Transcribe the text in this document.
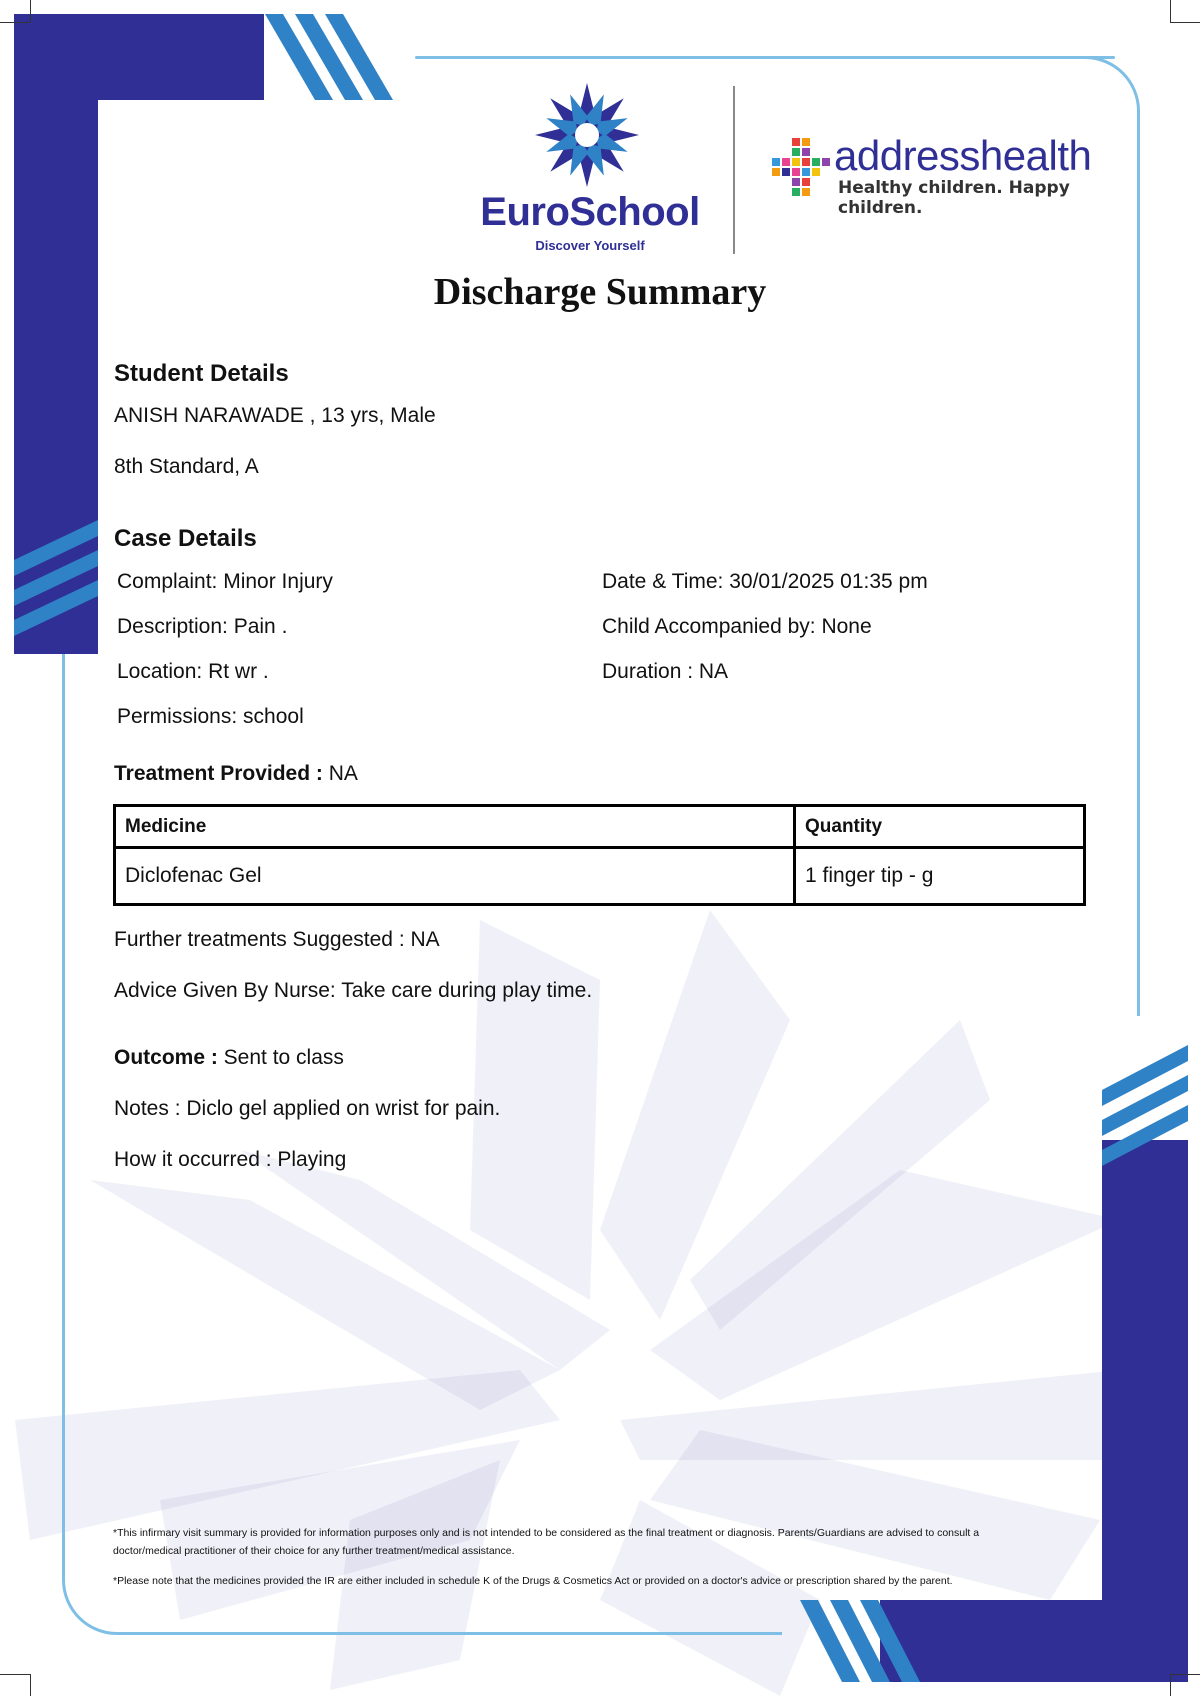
EuroSchool
Discover Yourself
addresshealth
Healthy children. Happy children.
Discharge Summary
Student Details
ANISH NARAWADE , 13 yrs, Male
8th Standard, A
Case Details
Complaint: Minor Injury
Description: Pain .
Location: Rt wr .
Permissions: school
Date & Time: 30/01/2025 01:35 pm
Child Accompanied by: None
Duration : NA
Treatment Provided : NA
Medicine	Quantity
Diclofenac Gel	1 finger tip - g
Further treatments Suggested : NA
Advice Given By Nurse: Take care during play time.
Outcome : Sent to class
Notes : Diclo gel applied on wrist for pain.
How it occurred : Playing
*This infirmary visit summary is provided for information purposes only and is not intended to be considered as the final treatment or diagnosis. Parents/Guardians are advised to consult a doctor/medical practitioner of their choice for any further treatment/medical assistance.
*Please note that the medicines provided the IR are either included in schedule K of the Drugs & Cosmetics Act or provided on a doctor's advice or prescription shared by the parent.
